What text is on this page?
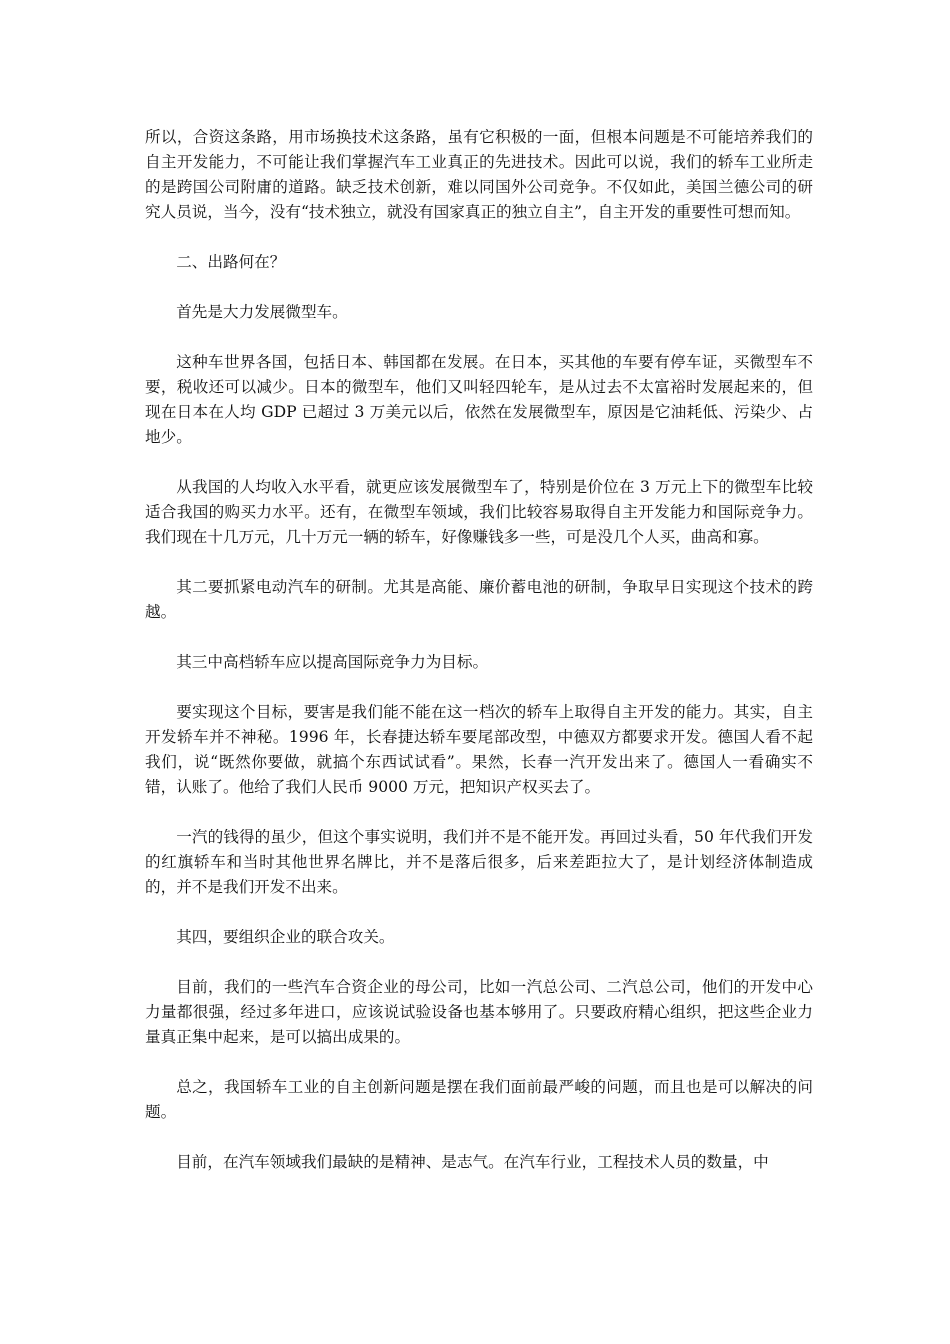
所以，合资这条路，用市场换技术这条路，虽有它积极的一面，但根本问题是不可能培养我们的自主开发能力，不可能让我们掌握汽车工业真正的先进技术。因此可以说，我们的轿车工业所走的是跨国公司附庸的道路。缺乏技术创新，难以同国外公司竞争。不仅如此，美国兰德公司的研究人员说，当今，没有“技术独立，就没有国家真正的独立自主”，自主开发的重要性可想而知。

二、出路何在？

首先是大力发展微型车。

这种车世界各国，包括日本、韩国都在发展。在日本，买其他的车要有停车证，买微型车不要，税收还可以减少。日本的微型车，他们又叫轻四轮车，是从过去不太富裕时发展起来的，但现在日本在人均 GDP 已超过 3 万美元以后，依然在发展微型车，原因是它油耗低、污染少、占地少。

从我国的人均收入水平看，就更应该发展微型车了，特别是价位在 3 万元上下的微型车比较适合我国的购买力水平。还有，在微型车领域，我们比较容易取得自主开发能力和国际竞争力。我们现在十几万元，几十万元一辆的轿车，好像赚钱多一些，可是没几个人买，曲高和寡。

其二要抓紧电动汽车的研制。尤其是高能、廉价蓄电池的研制，争取早日实现这个技术的跨越。

其三中高档轿车应以提高国际竞争力为目标。

要实现这个目标，要害是我们能不能在这一档次的轿车上取得自主开发的能力。其实，自主开发轿车并不神秘。1996 年，长春捷达轿车要尾部改型，中德双方都要求开发。德国人看不起我们，说“既然你要做，就搞个东西试试看”。果然，长春一汽开发出来了。德国人一看确实不错，认账了。他给了我们人民币 9000 万元，把知识产权买去了。

一汽的钱得的虽少，但这个事实说明，我们并不是不能开发。再回过头看，50 年代我们开发的红旗轿车和当时其他世界名牌比，并不是落后很多，后来差距拉大了，是计划经济体制造成的，并不是我们开发不出来。

其四，要组织企业的联合攻关。

目前，我们的一些汽车合资企业的母公司，比如一汽总公司、二汽总公司，他们的开发中心力量都很强，经过多年进口，应该说试验设备也基本够用了。只要政府精心组织，把这些企业力量真正集中起来，是可以搞出成果的。

总之，我国轿车工业的自主创新问题是摆在我们面前最严峻的问题，而且也是可以解决的问题。

目前，在汽车领域我们最缺的是精神、是志气。在汽车行业，工程技术人员的数量，中
